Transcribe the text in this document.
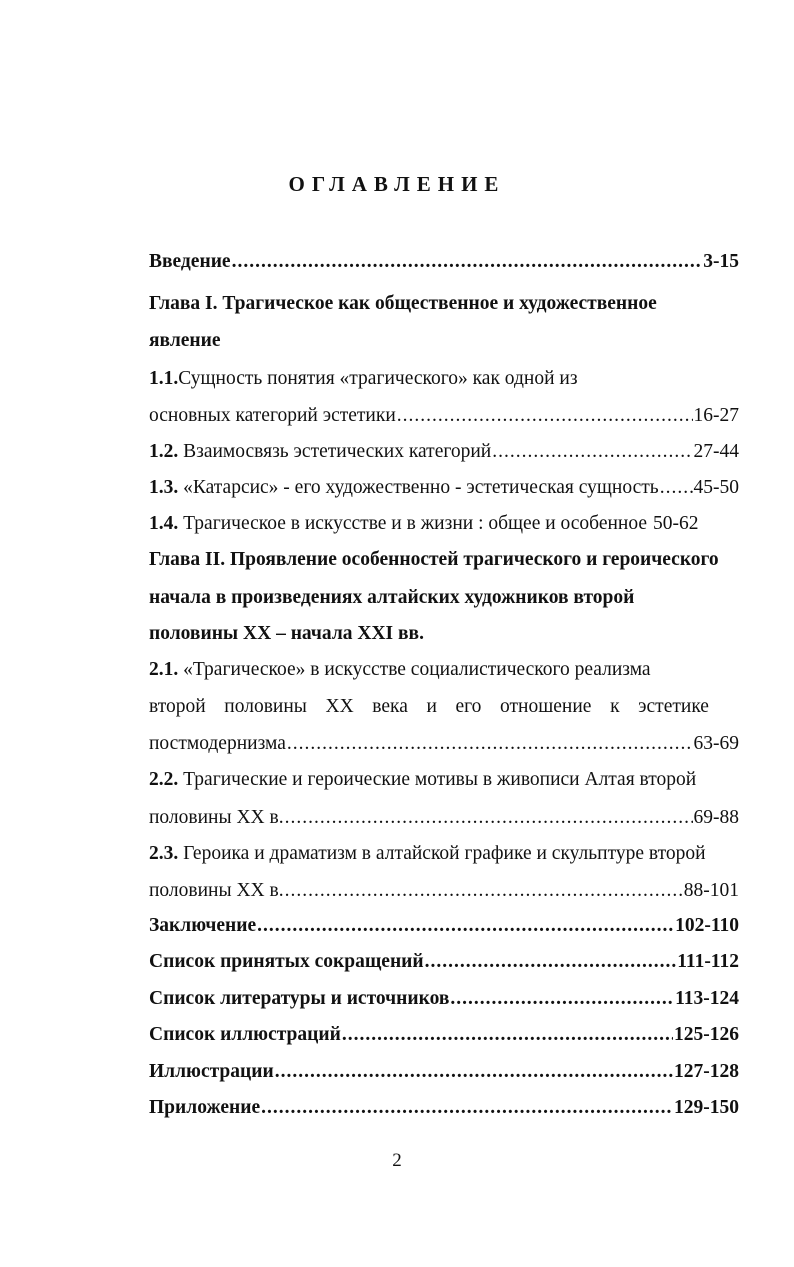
ОГЛАВЛЕНИЕ
Введение .....	3-15
Глава I. Трагическое как общественное и художественное
явление
1.1.Сущность понятия «трагического» как одной из
основных категорий эстетики .....	16-27
1.2. Взаимосвязь эстетических категорий .....	27-44
1.3. «Катарсис» - его художественно - эстетическая сущность ..... 45-50
1.4. Трагическое в искусстве и в жизни : общее и особенное 50-62
Глава II. Проявление особенностей трагического и героического
начала в произведениях алтайских художников второй
половины XX – начала XXI вв.
2.1. «Трагическое» в искусстве социалистического реализма
второй половины XX века и его отношение к эстетике
постмодернизма .....	63-69
2.2. Трагические и героические мотивы в живописи Алтая второй
половины XX в. .....	69-88
2.3. Героика и драматизм в алтайской графике и скульптуре второй
половины XX в. .....	88-101
Заключение .....	102-110
Список принятых сокращений .....	111-112
Список литературы и источников .....	113-124
Список иллюстраций .....	125-126
Иллюстрации .....	127-128
Приложение .....	129-150
2
